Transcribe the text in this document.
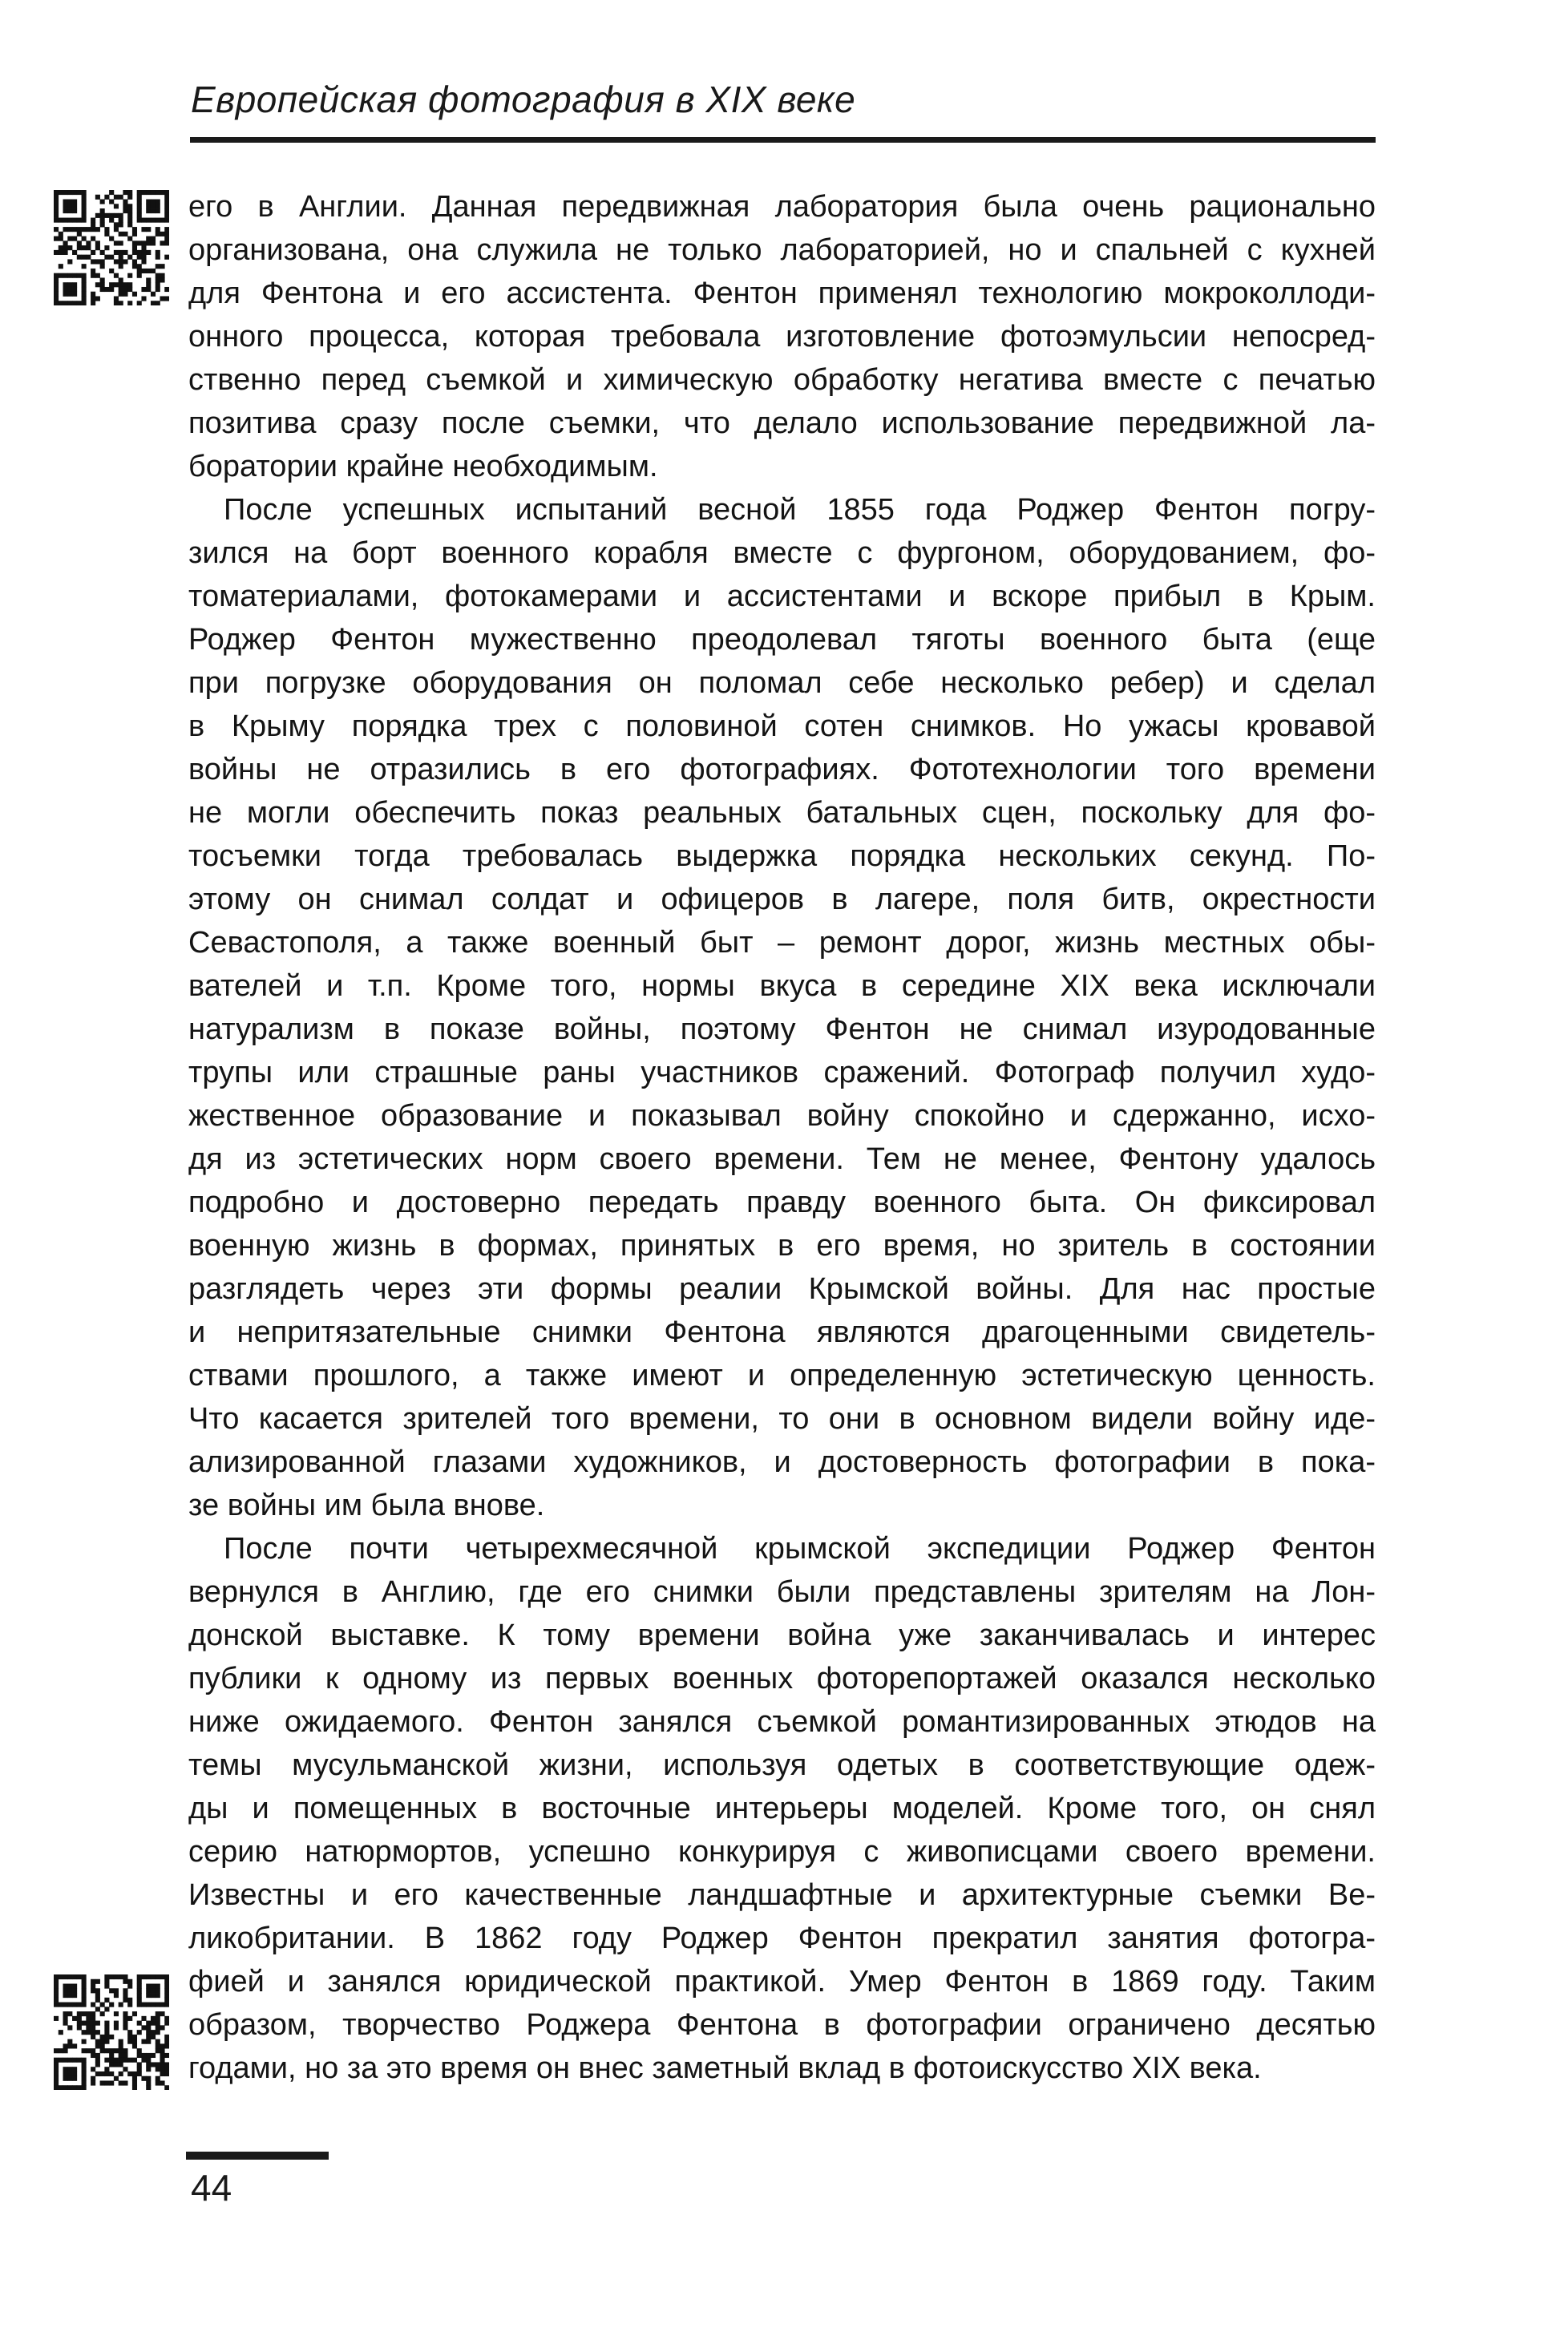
Европейская фотография в XIX веке
его в Англии. Данная передвижная лаборатория была очень рационально
организована, она служила не только лабораторией, но и спальней с кухней
для Фентона и его ассистента. Фентон применял технологию мокроколлоди-
онного процесса, которая требовала изготовление фотоэмульсии непосред-
ственно перед съемкой и химическую обработку негатива вместе с печатью
позитива сразу после съемки, что делало использование передвижной ла-
боратории крайне необходимым.
После успешных испытаний весной 1855 года Роджер Фентон погру-
зился на борт военного корабля вместе с фургоном, оборудованием, фо-
томатериалами, фотокамерами и ассистентами и вскоре прибыл в Крым.
Роджер Фентон мужественно преодолевал тяготы военного быта (еще
при погрузке оборудования он поломал себе несколько ребер) и сделал
в Крыму порядка трех с половиной сотен снимков. Но ужасы кровавой
войны не отразились в его фотографиях. Фототехнологии того времени
не могли обеспечить показ реальных батальных сцен, поскольку для фо-
тосъемки тогда требовалась выдержка порядка нескольких секунд. По-
этому он снимал солдат и офицеров в лагере, поля битв, окрестности
Севастополя, а также военный быт – ремонт дорог, жизнь местных обы-
вателей и т.п. Кроме того, нормы вкуса в середине XIX века исключали
натурализм в показе войны, поэтому Фентон не снимал изуродованные
трупы или страшные раны участников сражений. Фотограф получил худо-
жественное образование и показывал войну спокойно и сдержанно, исхо-
дя из эстетических норм своего времени. Тем не менее, Фентону удалось
подробно и достоверно передать правду военного быта. Он фиксировал
военную жизнь в формах, принятых в его время, но зритель в состоянии
разглядеть через эти формы реалии Крымской войны. Для нас простые
и непритязательные снимки Фентона являются драгоценными свидетель-
ствами прошлого, а также имеют и определенную эстетическую ценность.
Что касается зрителей того времени, то они в основном видели войну иде-
ализированной глазами художников, и достоверность фотографии в пока-
зе войны им была внове.
После почти четырехмесячной крымской экспедиции Роджер Фентон
вернулся в Англию, где его снимки были представлены зрителям на Лон-
донской выставке. К тому времени война уже заканчивалась и интерес
публики к одному из первых военных фоторепортажей оказался несколько
ниже ожидаемого. Фентон занялся съемкой романтизированных этюдов на
темы мусульманской жизни, используя одетых в соответствующие одеж-
ды и помещенных в восточные интерьеры моделей. Кроме того, он снял
серию натюрмортов, успешно конкурируя с живописцами своего времени.
Известны и его качественные ландшафтные и архитектурные съемки Ве-
ликобритании. В 1862 году Роджер Фентон прекратил занятия фотогра-
фией и занялся юридической практикой. Умер Фентон в 1869 году. Таким
образом, творчество Роджера Фентона в фотографии ограничено десятью
годами, но за это время он внес заметный вклад в фотоискусство XIX века.
44
